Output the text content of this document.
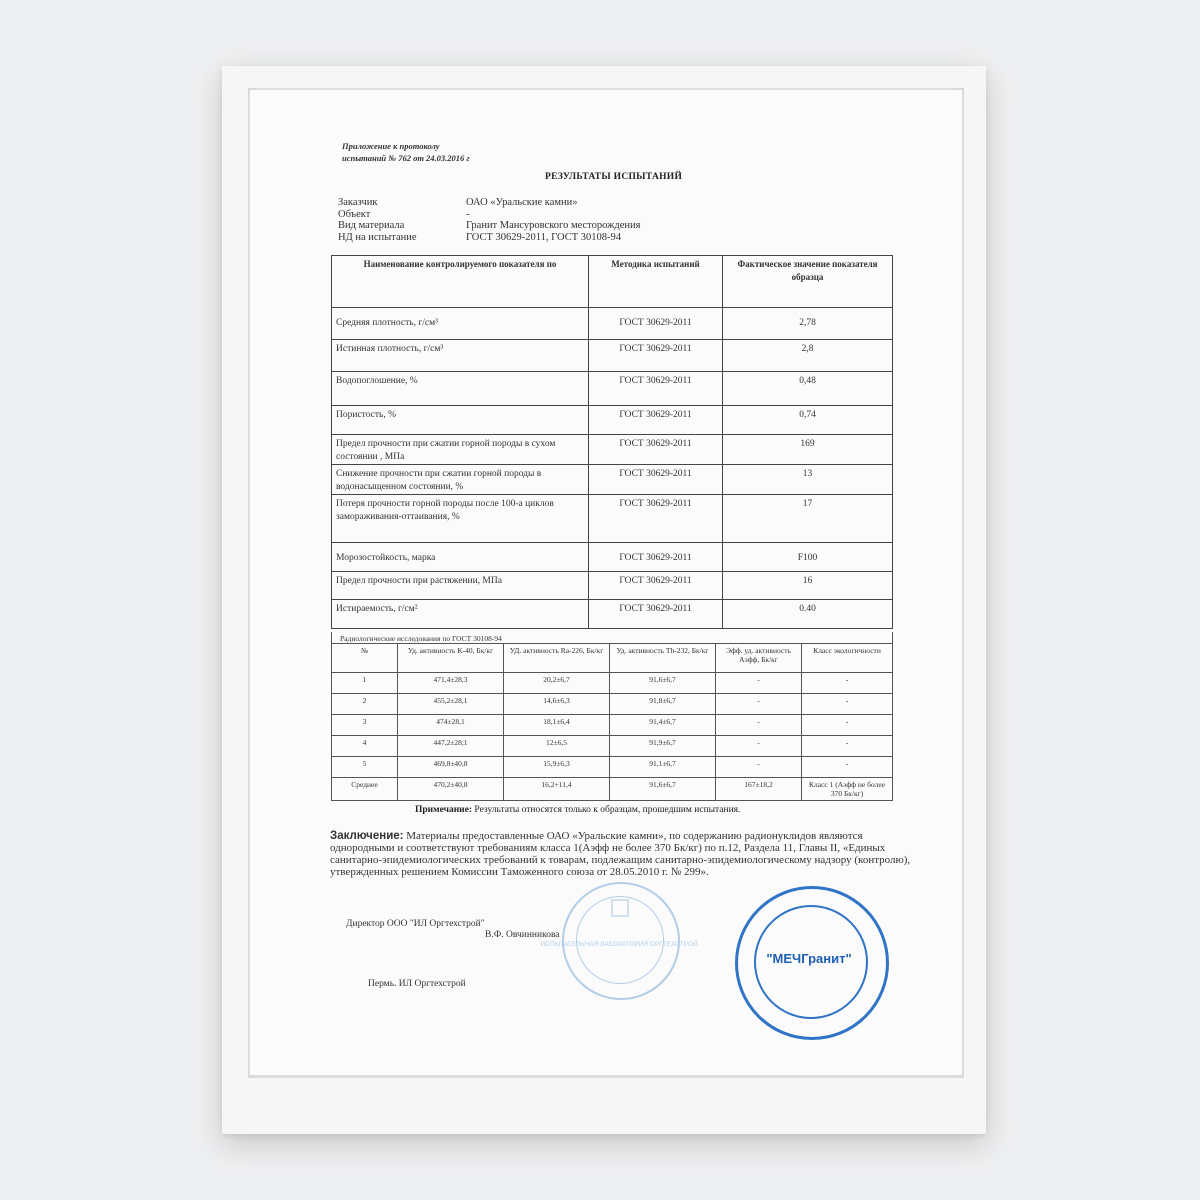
Приложение к протоколу
испытаний № 762 от 24.03.2016 г
РЕЗУЛЬТАТЫ ИСПЫТАНИЙ
Заказчик	ОАО «Уральские камни»
Объект	-
Вид материала	Гранит Мансуровского месторождения
НД на испытание	ГОСТ 30629-2011, ГОСТ 30108-94
Наименование контролируемого показателя по	Методика испытаний	Фактическое значение показателя образца
Средняя плотность, г/см³	ГОСТ 30629-2011	2,78
Истинная плотность, г/см³	ГОСТ 30629-2011	2,8
Водопоглошение, %	ГОСТ 30629-2011	0,48
Пористость, %	ГОСТ 30629-2011	0,74
Предел прочности при сжатии горной породы в сухом состоянии , МПа	ГОСТ 30629-2011	169
Снижение прочности при сжатии горной породы в водонасыщенном состоянии, %	ГОСТ 30629-2011	13
Потеря прочности горной породы после 100-а циклов замораживания-оттаивания, %	ГОСТ 30629-2011	17
Морозостойкость, марка	ГОСТ 30629-2011	F100
Предел прочности при растяжении, МПа	ГОСТ 30629-2011	16
Истираемость, г/см²	ГОСТ 30629-2011	0.40
Радиологические исследования по ГОСТ 30108-94					
№	Уд. активность K-40, Бк/кг	УД. активность Ra-226, Бк/кг	Уд. активность Th-232, Бк/кг	Эфф. уд. активность Аэфф, Бк/кг	Класс экологичности
1	471,4±28,3	20,2±6,7	91,6±6,7	-	-
2	455,2±28,1	14,6±6,3	91,8±6,7	-	-
3	474±28,1	18,1±6,4	91,4±6,7	-	-
4	447,2±28,1	12±6,5	91,9±6,7	-	-
5	469,8±40,8	15,9±6,3	91,1±6,7	-	-
Среднее	470,2±40,8	16,2+11,4	91,6±6,7	167±18,2	Класс 1 (Аэфф не более 370 Бк/кг)
Примечание: Результаты относятся только к образцам, прошедшим испытания.
Заключение: Материалы предоставленные ОАО «Уральские камни», по содержанию радионуклидов являются однородными и соответствуют требованиям класса 1(Аэфф не более 370 Бк/кг) по п.12, Раздела 11, Главы II, «Единых санитарно-эпидемиологических требований к товарам, подлежащим санитарно-эпидемиологическому надзору (контролю), утвержденных решением Комиссии Таможенного союза от 28.05.2010 г. № 299».
Директор ООО "ИЛ Оргтехстрой"
В.Ф. Овчинникова
Пермь. ИЛ Оргтехстрой
ИСПЫТАТЕЛЬНАЯ ЛАБОРАТОРИЯ ОРГТЕХСТРОЙ
"МЕЧГранит"
